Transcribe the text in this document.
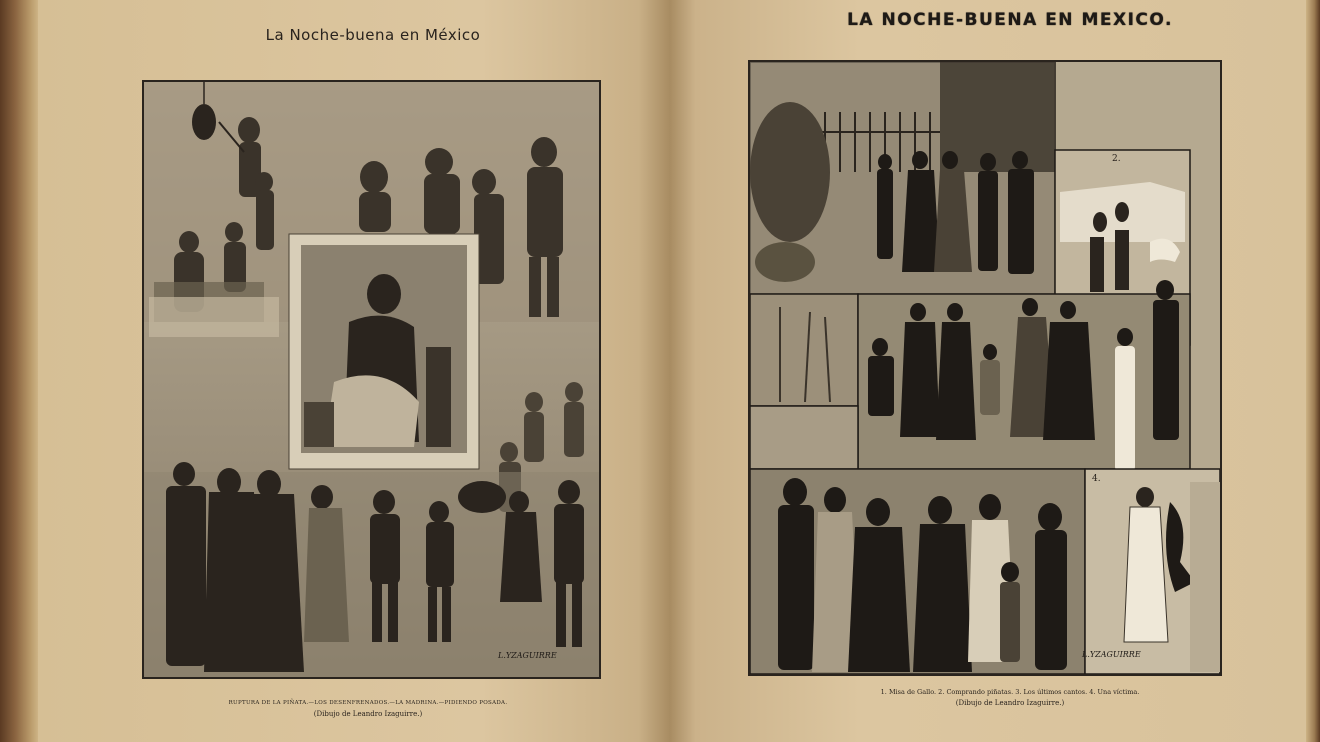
La Noche-buena en México
L.YZAGUIRRE
RUPTURA DE LA PIÑATA.—LOS DESENFRENADOS.—LA MADRINA.—PIDIENDO POSADA.
(Dibujo de Leandro Izaguirre.)
LA NOCHE-BUENA EN MEXICO.
2.
4.
L.YZAGUIRRE
1. Misa de Gallo. 2. Comprando piñatas. 3. Los últimos cantos. 4. Una víctima.
(Dibujo de Leandro Izaguirre.)
